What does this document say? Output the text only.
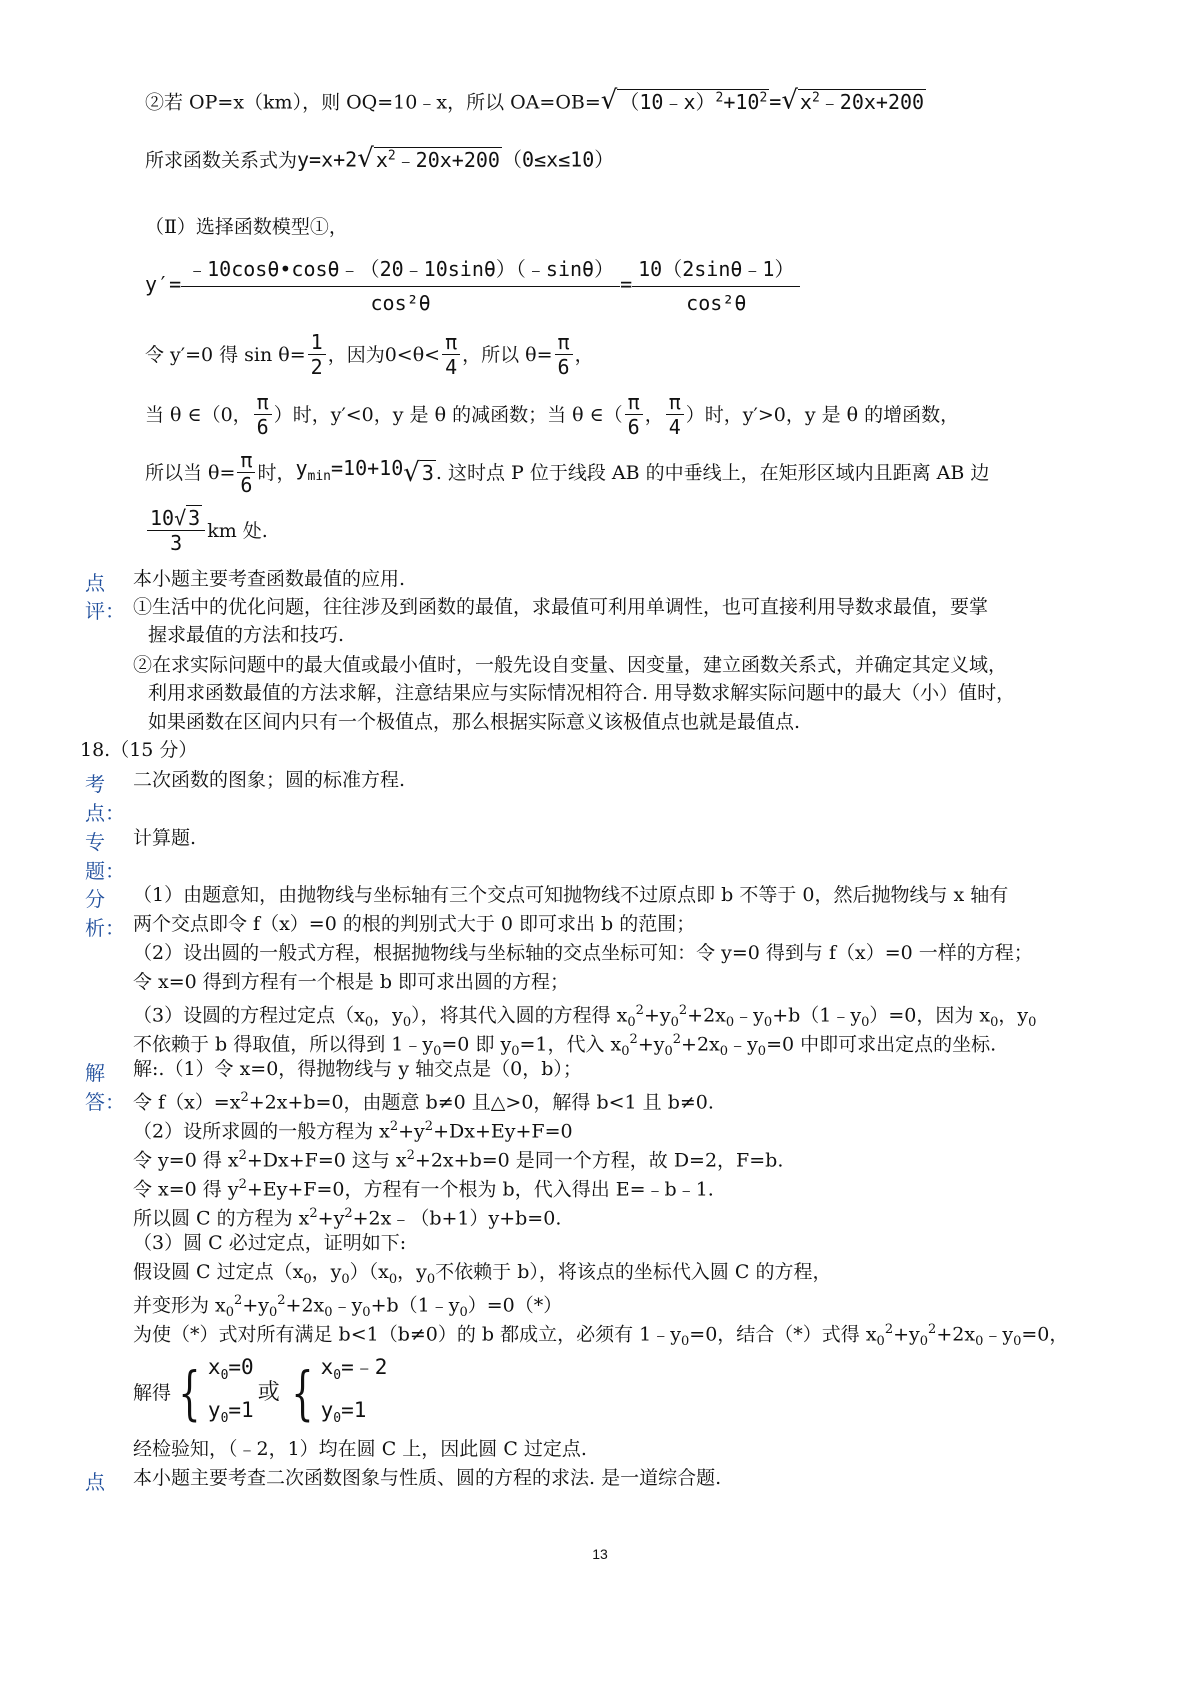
②若 OP=x（km），则 OQ=10﹣x，所以 OA=OB=√ $(10﹣x)^2+10^2$ =√ $x^2﹣20x+200$
所求函数关系式为y=x+2√ $x^2﹣20x+200$ （0≤x≤10）
（Ⅱ）选择函数模型①，
$y'= \frac{﹣10\cos\theta•\cos\theta﹣(20﹣10\sin\theta)(﹣\sin\theta)}{\text{cos²θ}} = \frac{10(2\sin\theta﹣1)}{\text{cos²θ}}$
令 y′=0 得 $\sin \theta= \frac{1}{2}$ ，因为$0<\theta< \frac{\pi}{4}$ ，所以 $\theta= \frac{\pi}{6}$ ，
当 θ ∈（0， $\frac{\pi}{6}$ ）时，y′<0，y 是 θ 的减函数；当 θ ∈（ $\frac{\pi}{6}$ ， $\frac{\pi}{4}$ ）时，y′>0，y 是 θ 的增函数，
所以当 $\theta= \frac{\pi}{6}$ 时， $y_{min}=10+10$ √ 3 . 这时点 P 位于线段 AB 的中垂线上，在矩形区域内且距离 AB 边
$\frac{10√ 3}{3}$ km 处.
点
评：
本小题主要考查函数最值的应用.
①生活中的优化问题，往往涉及到函数的最值，求最值可利用单调性，也可直接利用导数求最值，要掌
握求最值的方法和技巧.
②在求实际问题中的最大值或最小值时，一般先设自变量、因变量，建立函数关系式，并确定其定义域，
利用求函数最值的方法求解，注意结果应与实际情况相符合. 用导数求解实际问题中的最大（小）值时，
如果函数在区间内只有一个极值点，那么根据实际意义该极值点也就是最值点.
18.（15 分）
考
点：
二次函数的图象；圆的标准方程.
专
题：
计算题.
分
析：
（1）由题意知，由抛物线与坐标轴有三个交点可知抛物线不过原点即 b 不等于 0，然后抛物线与 x 轴有
两个交点即令 f（x）=0 的根的判别式大于 0 即可求出 b 的范围；
（2）设出圆的一般式方程，根据抛物线与坐标轴的交点坐标可知：令 y=0 得到与 f（x）=0 一样的方程；
令 x=0 得到方程有一个根是 b 即可求出圆的方程；
（3）设圆的方程过定点（$x_0$，$y_0$），将其代入圆的方程得 $x_0^2+y_0^2+2x_0﹣y_0+b(1﹣y_0)=0$，因为 $x_0$，$y_0$
不依赖于 b 得取值，所以得到 $1﹣y_0=0$ 即 $y_0=1$，代入 $x_0^2+y_0^2+2x_0﹣y_0=0$ 中即可求出定点的坐标.
解
答：
解:.（1）令 x=0，得抛物线与 y 轴交点是（0，b）；
令 $f(x)=x^2+2x+b=0$，由题意 b≠0 且△>0，解得 b<1 且 b≠0.
（2）设所求圆的一般方程为 $x^2+y^2+Dx+Ey+F=0$
令 y=0 得 $x^2+Dx+F=0$ 这与 $x^2+2x+b=0$ 是同一个方程，故 D=2，F=b.
令 x=0 得 $y^2+Ey+F=0$，方程有一个根为 b，代入得出 E=﹣b﹣1.
所以圆 C 的方程为 $x^2+y^2+2x﹣(b+1)y+b=0$.
（3）圆 C 必过定点，证明如下:
假设圆 C 过定点（$x_0$，$y_0)(x_0$，$y_0$不依赖于 b），将该点的坐标代入圆 C 的方程，
并变形为 $x_0^2+y_0^2+2x_0﹣y_0+b(1﹣y_0)=0(*)$
为使（*）式对所有满足 b<1（b≠0）的 b 都成立，必须有 $1﹣y_0=0$，结合（*）式得 $x_0^2+y_0^2+2x_0﹣y_0=0$，
解得 { $x_0=0$
$y_0=1$
或 { $x_0=﹣2$
$y_0=1$
经检验知，（﹣2，1）均在圆 C 上，因此圆 C 过定点.
点 本小题主要考查二次函数图象与性质、圆的方程的求法. 是一道综合题.
13
